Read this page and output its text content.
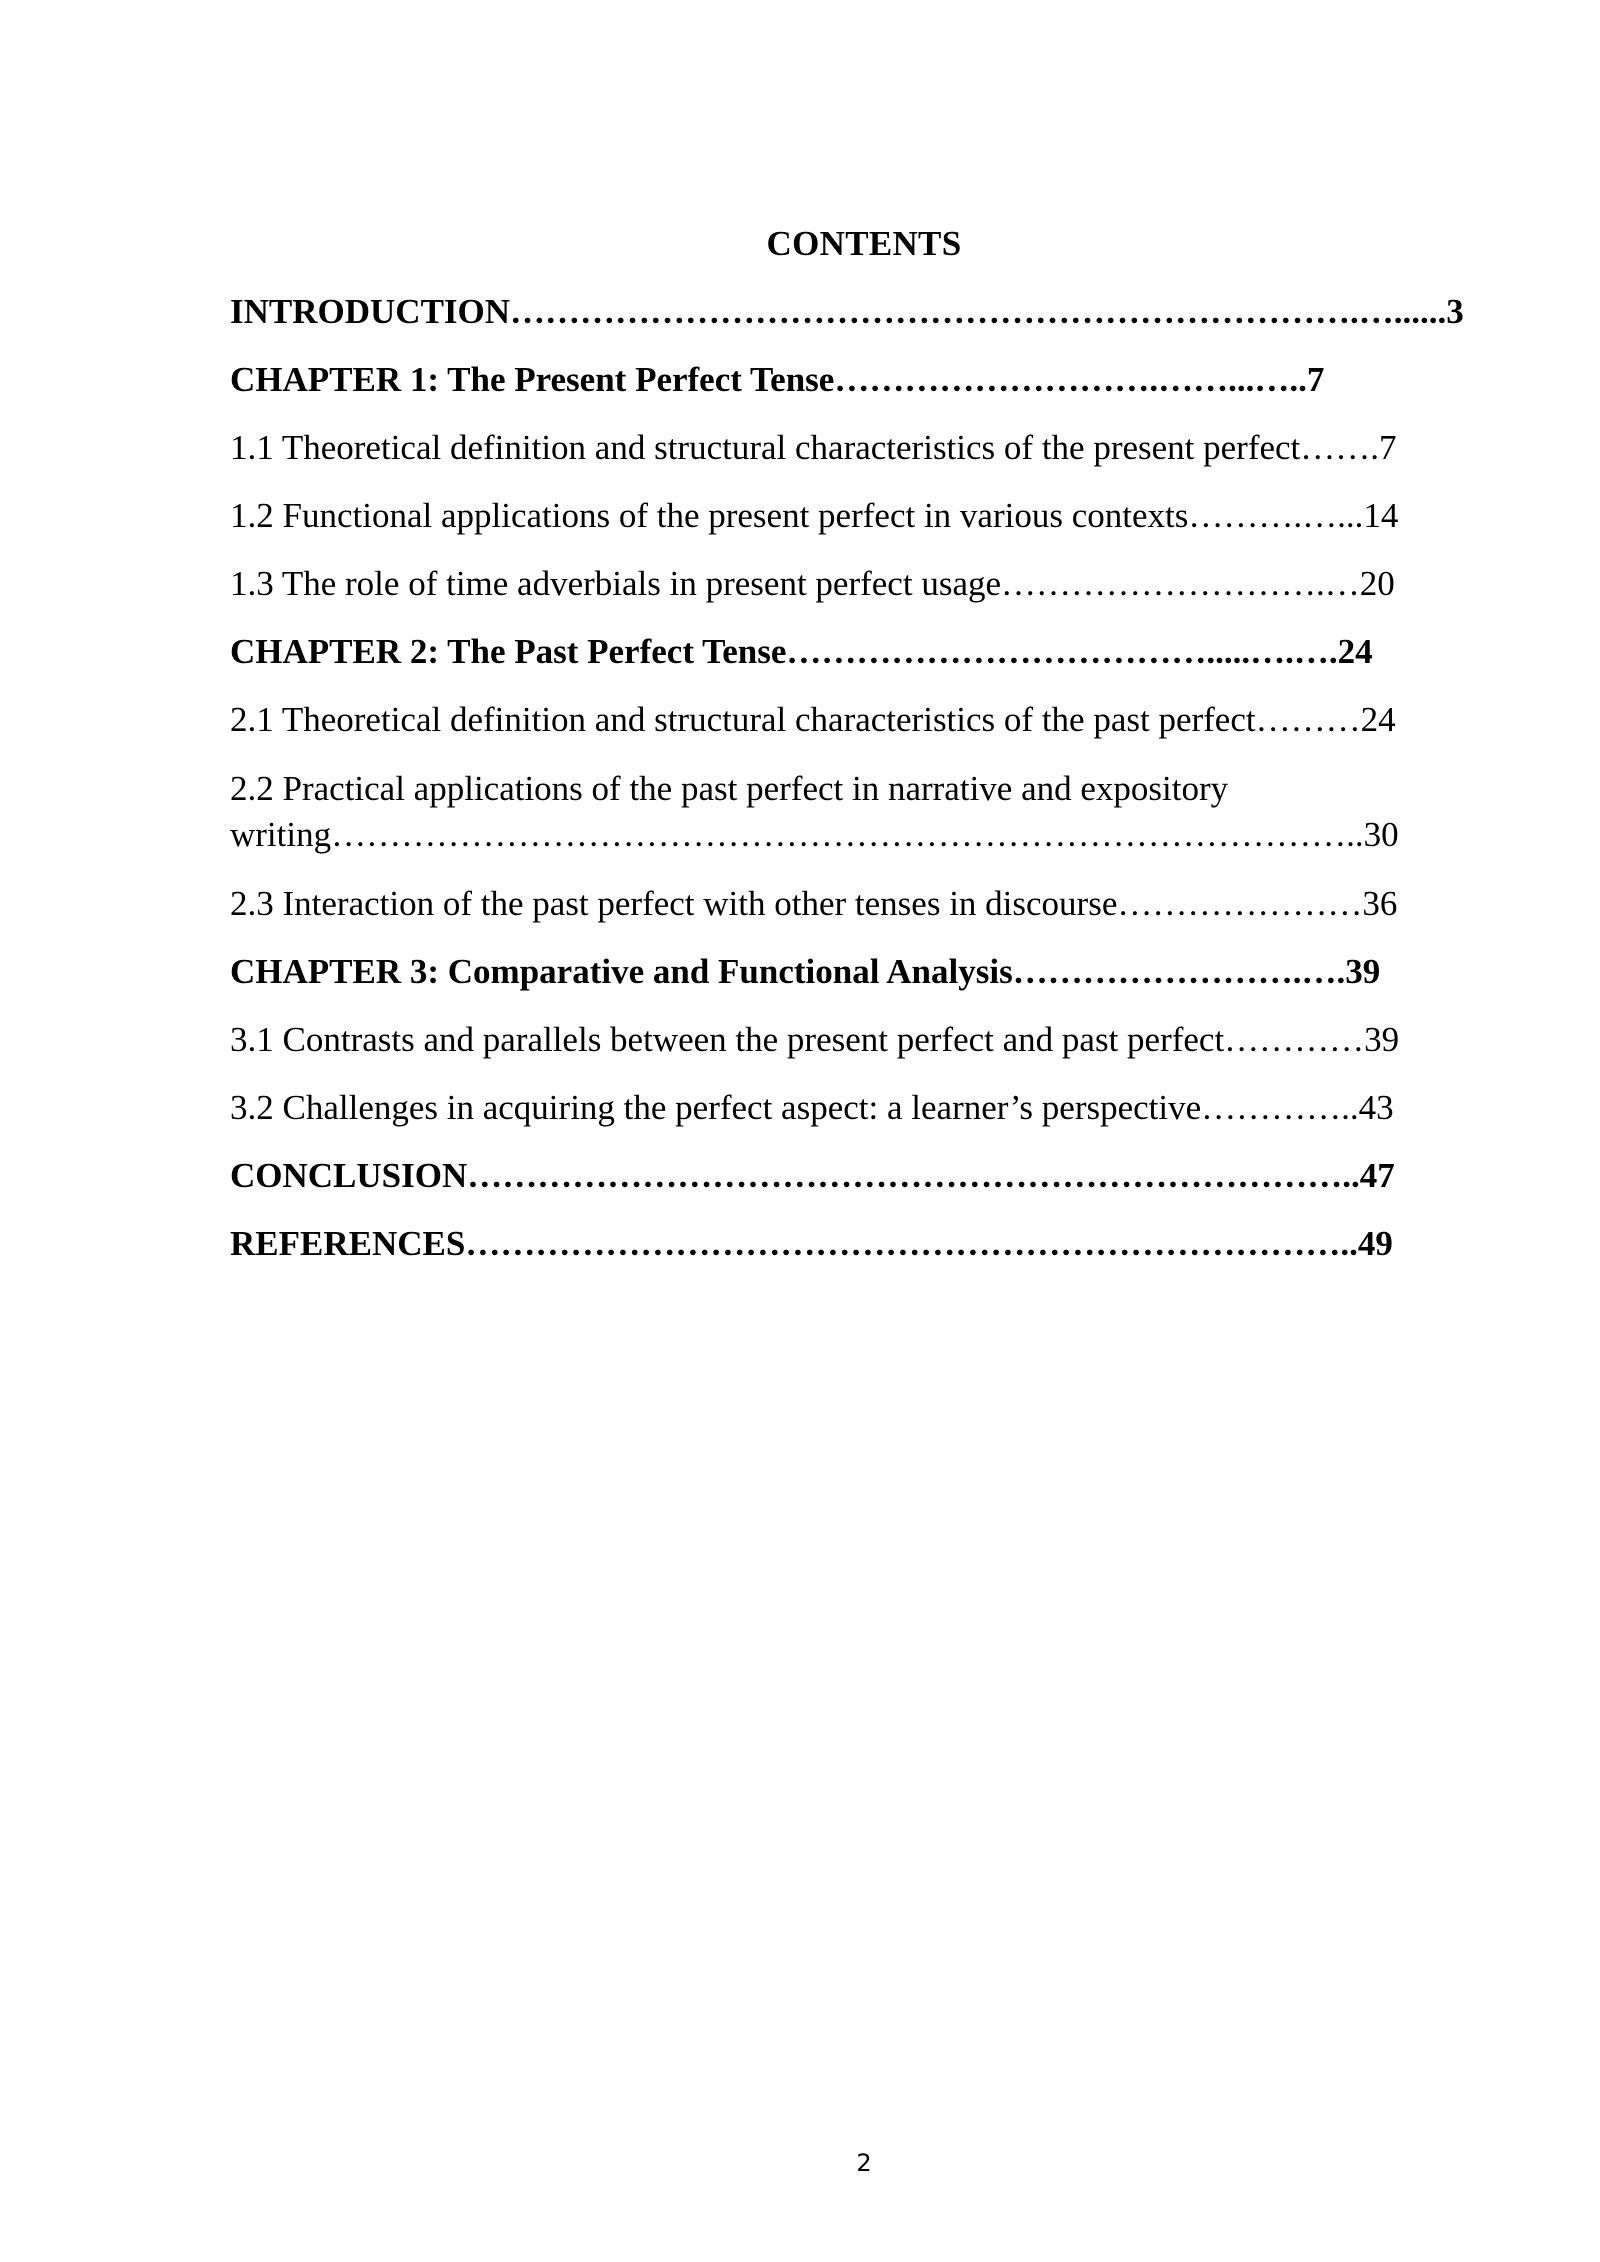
CONTENTS
INTRODUCTION……………………………………………………………….…......3
CHAPTER 1: The Present Perfect Tense……………………….……...…..7
1.1 Theoretical definition and structural characteristics of the present perfect…….7
1.2 Functional applications of the present perfect in various contexts……….…...14
1.3 The role of time adverbials in present perfect usage……………………….…20
CHAPTER 2: The Past Perfect Tense……………………………….....….….24
2.1 Theoretical definition and structural characteristics of the past perfect………24
2.2 Practical applications of the past perfect in narrative and expository writing……………………………………………………………………………..30
2.3 Interaction of the past perfect with other tenses in discourse…………………36
CHAPTER 3: Comparative and Functional Analysis…………………….….39
3.1 Contrasts and parallels between the present perfect and past perfect…………39
3.2 Challenges in acquiring the perfect aspect: a learner’s perspective…………..43
CONCLUSION…………………………………………………………………..47
REFERENCES…………………………………………………………………..49
2
